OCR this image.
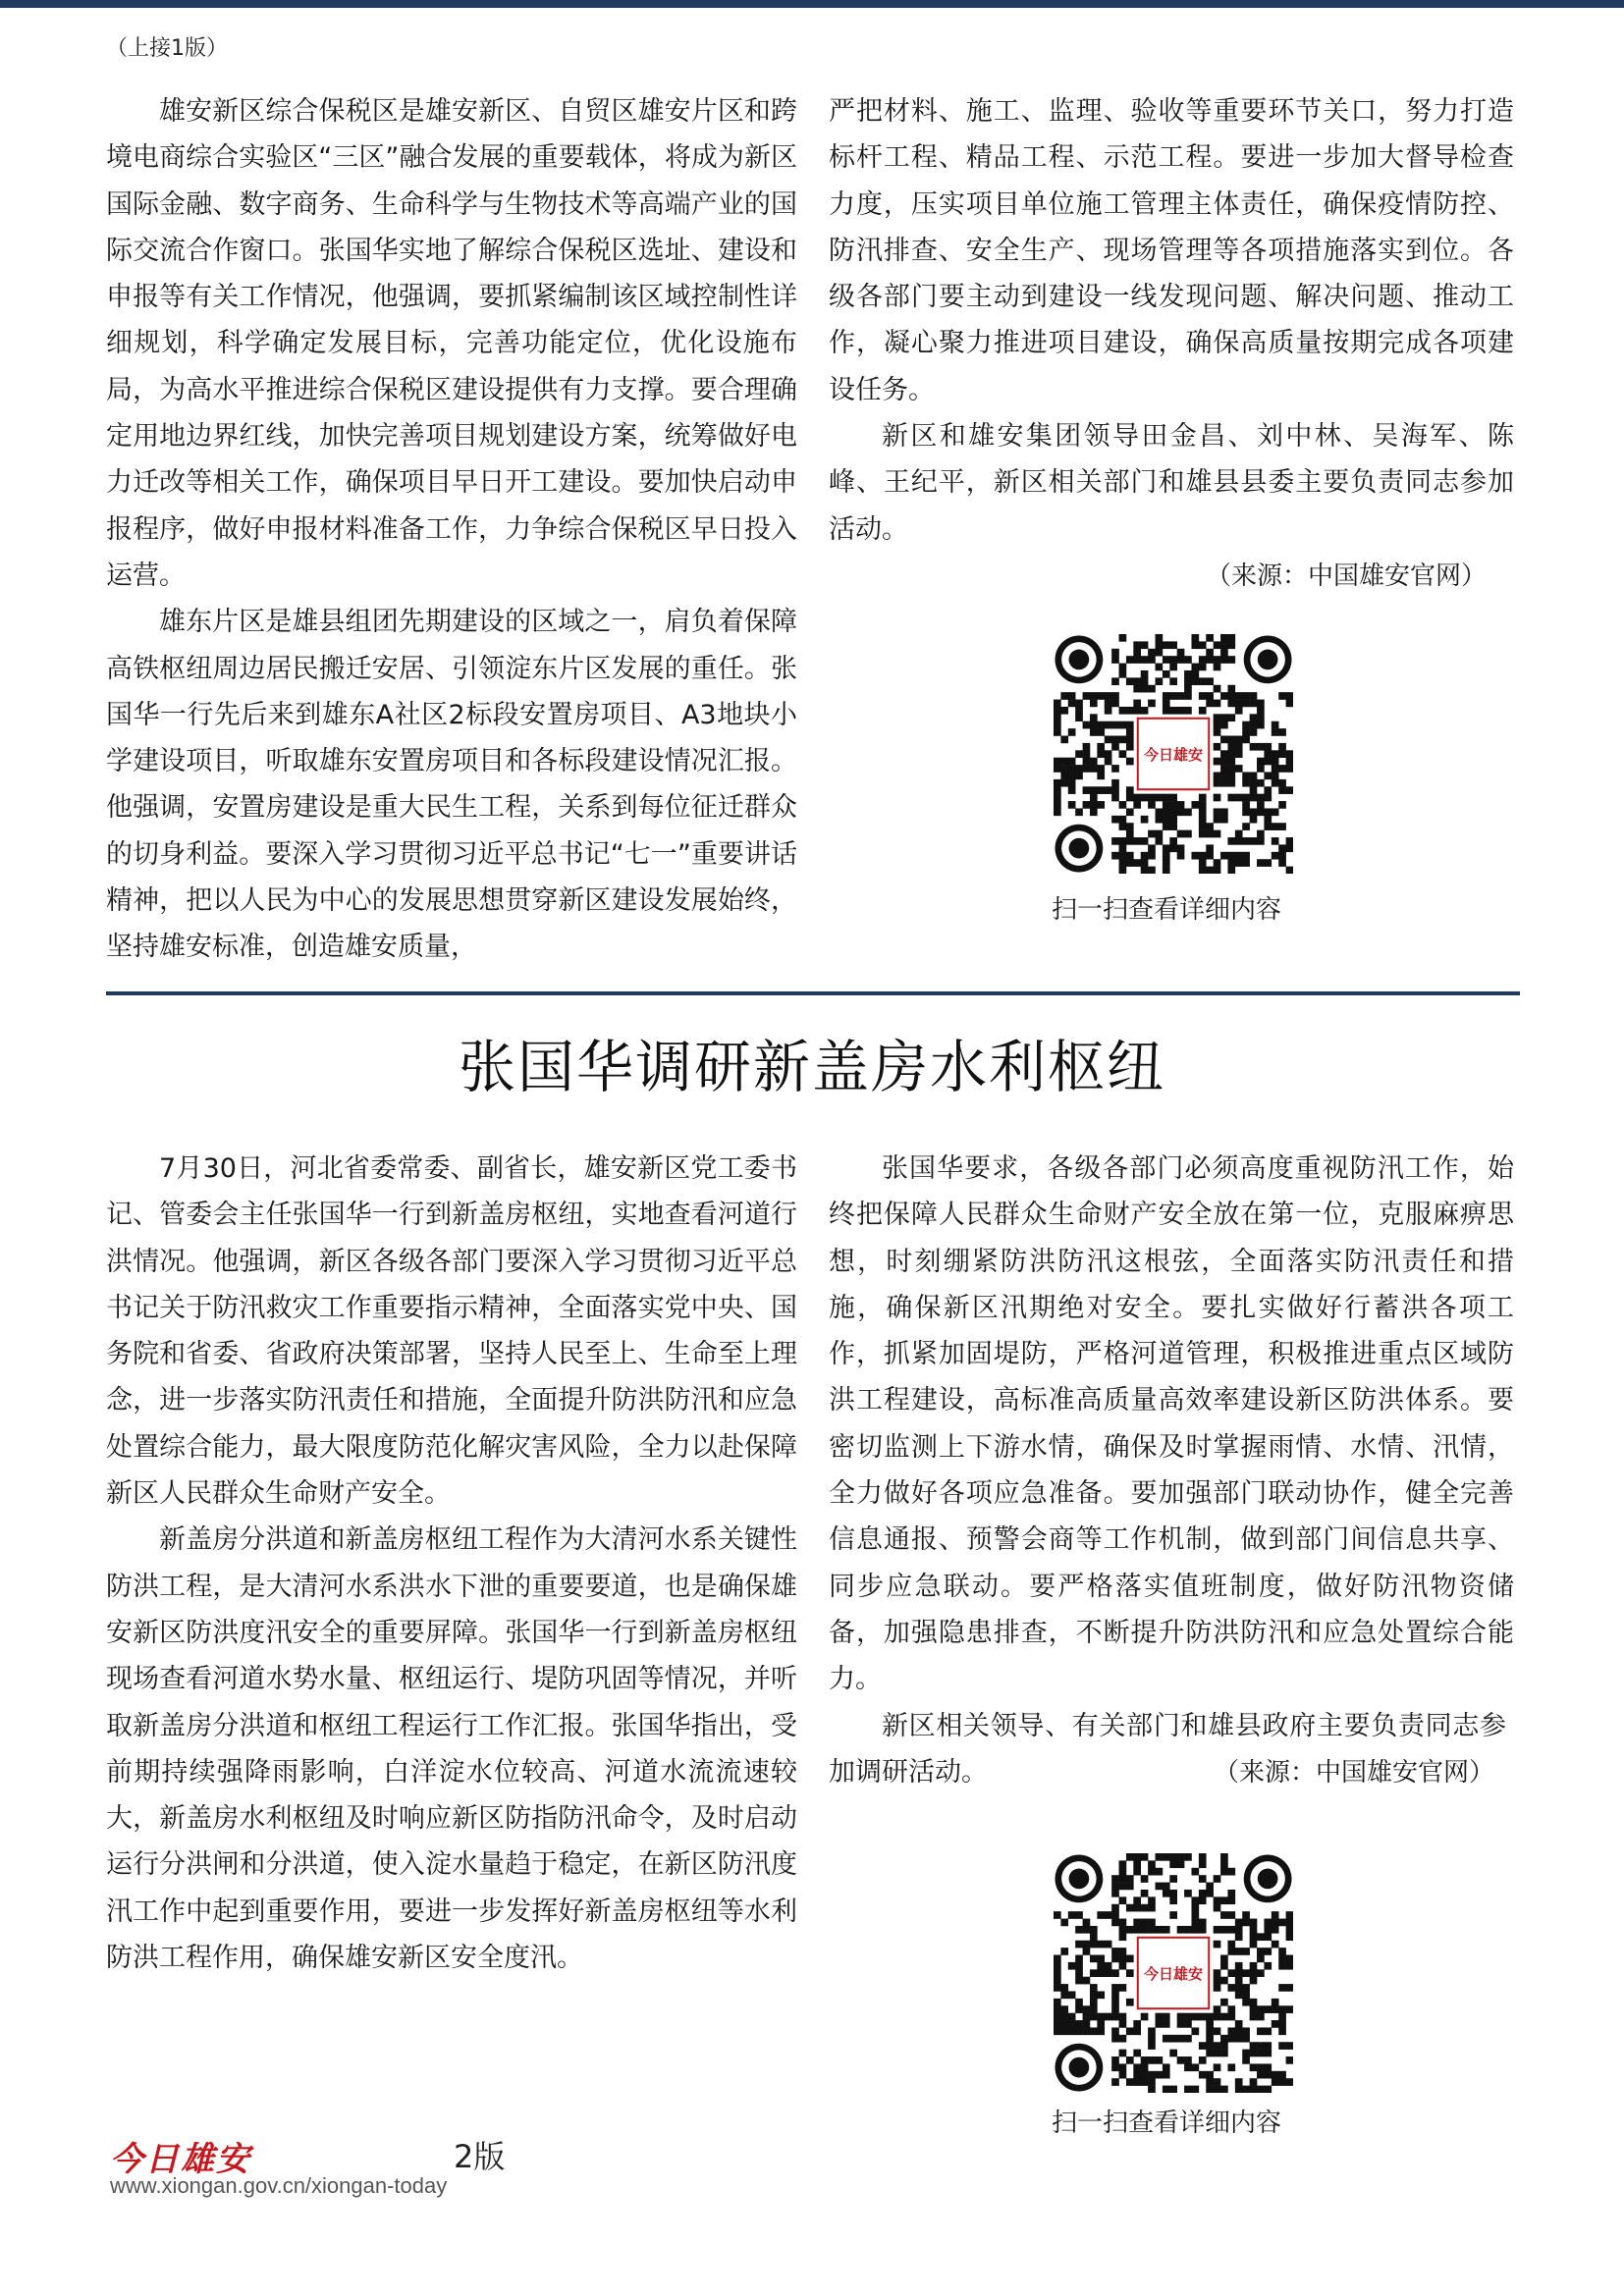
（上接1版）

雄安新区综合保税区是雄安新区、自贸区雄安片区和跨境电商综合实验区“三区”融合发展的重要载体，将成为新区国际金融、数字商务、生命科学与生物技术等高端产业的国际交流合作窗口。张国华实地了解综合保税区选址、建设和申报等有关工作情况，他强调，要抓紧编制该区域控制性详细规划，科学确定发展目标，完善功能定位，优化设施布局，为高水平推进综合保税区建设提供有力支撑。要合理确定用地边界红线，加快完善项目规划建设方案，统筹做好电力迁改等相关工作，确保项目早日开工建设。要加快启动申报程序，做好申报材料准备工作，力争综合保税区早日投入运营。

雄东片区是雄县组团先期建设的区域之一，肩负着保障高铁枢纽周边居民搬迁安居、引领淀东片区发展的重任。张国华一行先后来到雄东A社区2标段安置房项目、A3地块小学建设项目，听取雄东安置房项目和各标段建设情况汇报。他强调，安置房建设是重大民生工程，关系到每位征迁群众的切身利益。要深入学习贯彻习近平总书记“七一”重要讲话精神，把以人民为中心的发展思想贯穿新区建设发展始终，坚持雄安标准，创造雄安质量，

严把材料、施工、监理、验收等重要环节关口，努力打造标杆工程、精品工程、示范工程。要进一步加大督导检查力度，压实项目单位施工管理主体责任，确保疫情防控、防汛排查、安全生产、现场管理等各项措施落实到位。各级各部门要主动到建设一线发现问题、解决问题、推动工作，凝心聚力推进项目建设，确保高质量按期完成各项建设任务。

新区和雄安集团领导田金昌、刘中林、吴海军、陈峰、王纪平，新区相关部门和雄县县委主要负责同志参加活动。

（来源：中国雄安官网）
今日雄安
扫一扫查看详细内容
张国华调研新盖房水利枢纽

7月30日，河北省委常委、副省长，雄安新区党工委书记、管委会主任张国华一行到新盖房枢纽，实地查看河道行洪情况。他强调，新区各级各部门要深入学习贯彻习近平总书记关于防汛救灾工作重要指示精神，全面落实党中央、国务院和省委、省政府决策部署，坚持人民至上、生命至上理念，进一步落实防汛责任和措施，全面提升防洪防汛和应急处置综合能力，最大限度防范化解灾害风险，全力以赴保障新区人民群众生命财产安全。

新盖房分洪道和新盖房枢纽工程作为大清河水系关键性防洪工程，是大清河水系洪水下泄的重要要道，也是确保雄安新区防洪度汛安全的重要屏障。张国华一行到新盖房枢纽现场查看河道水势水量、枢纽运行、堤防巩固等情况，并听取新盖房分洪道和枢纽工程运行工作汇报。张国华指出，受前期持续强降雨影响，白洋淀水位较高、河道水流流速较大，新盖房水利枢纽及时响应新区防指防汛命令，及时启动运行分洪闸和分洪道，使入淀水量趋于稳定，在新区防汛度汛工作中起到重要作用，要进一步发挥好新盖房枢纽等水利防洪工程作用，确保雄安新区安全度汛。

张国华要求，各级各部门必须高度重视防汛工作，始终把保障人民群众生命财产安全放在第一位，克服麻痹思想，时刻绷紧防洪防汛这根弦，全面落实防汛责任和措施，确保新区汛期绝对安全。要扎实做好行蓄洪各项工作，抓紧加固堤防，严格河道管理，积极推进重点区域防洪工程建设，高标准高质量高效率建设新区防洪体系。要密切监测上下游水情，确保及时掌握雨情、水情、汛情，全力做好各项应急准备。要加强部门联动协作，健全完善信息通报、预警会商等工作机制，做到部门间信息共享、同步应急联动。要严格落实值班制度，做好防汛物资储备，加强隐患排查，不断提升防洪防汛和应急处置综合能力。

新区相关领导、有关部门和雄县政府主要负责同志参加调研活动。	（来源：中国雄安官网）
今日雄安
扫一扫查看详细内容
今日雄安	2版
www.xiongan.gov.cn/xiongan-today
